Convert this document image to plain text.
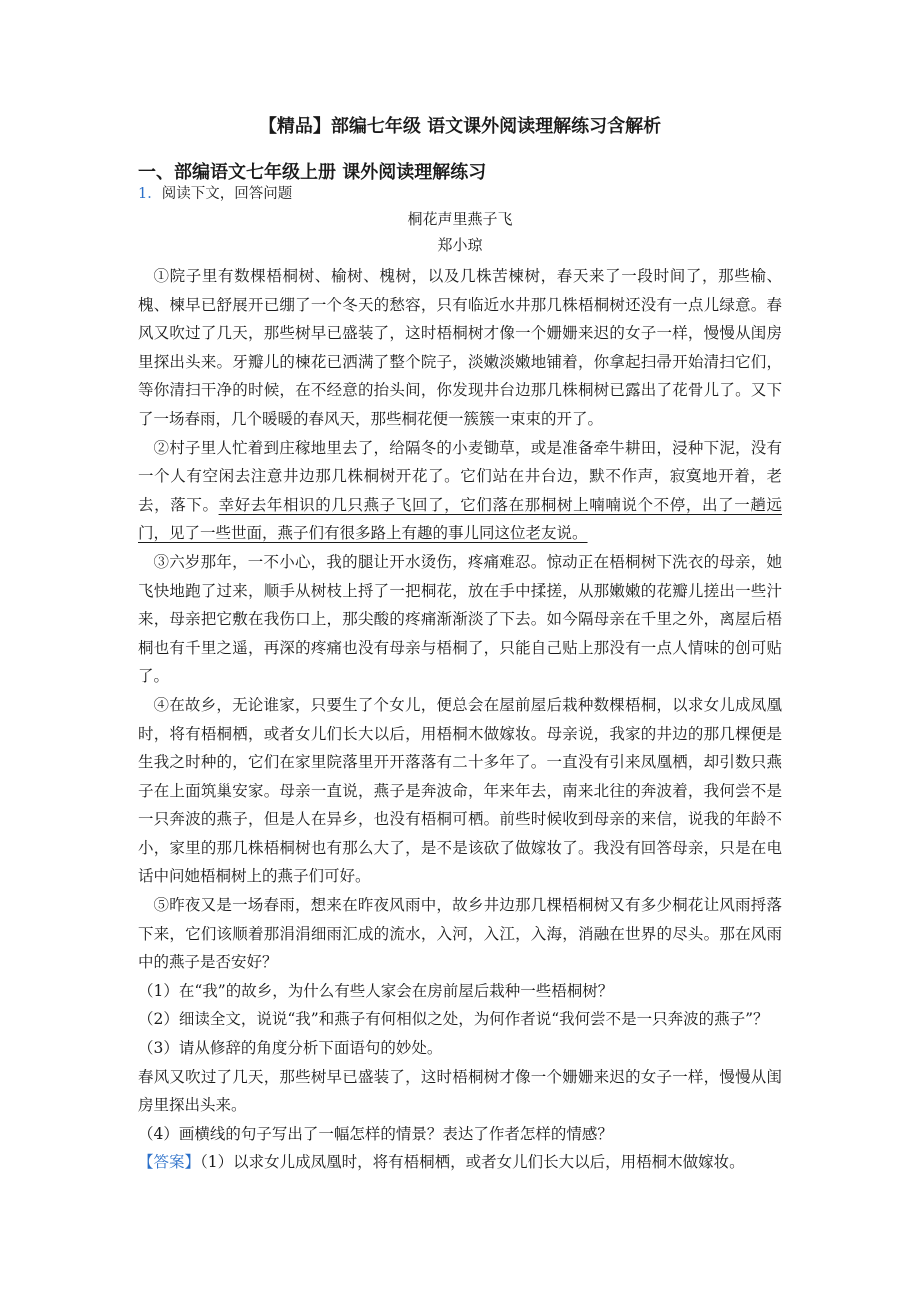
【精品】部编七年级 语文课外阅读理解练习含解析
一、部编语文七年级上册 课外阅读理解练习
1．阅读下文，回答问题
桐花声里燕子飞
郑小琼

①院子里有数棵梧桐树、榆树、槐树，以及几株苦楝树，春天来了一段时间了，那些榆、槐、楝早已舒展开已绷了一个冬天的愁容，只有临近水井那几株梧桐树还没有一点儿绿意。春风又吹过了几天，那些树早已盛装了，这时梧桐树才像一个姗姗来迟的女子一样，慢慢从闺房里探出头来。牙瓣儿的楝花已洒满了整个院子，淡嫩淡嫩地铺着，你拿起扫帚开始清扫它们，等你清扫干净的时候，在不经意的抬头间，你发现井台边那几株桐树已露出了花骨儿了。又下了一场春雨，几个暖暖的春风天，那些桐花便一簇簇一束束的开了。

②村子里人忙着到庄稼地里去了，给隔冬的小麦锄草，或是准备牵牛耕田，浸种下泥，没有一个人有空闲去注意井边那几株桐树开花了。它们站在井台边，默不作声，寂寞地开着，老去，落下。幸好去年相识的几只燕子飞回了，它们落在那桐树上喃喃说个不停，出了一趟远门，见了一些世面，燕子们有很多路上有趣的事儿同这位老友说。

③六岁那年，一不小心，我的腿让开水烫伤，疼痛难忍。惊动正在梧桐树下洗衣的母亲，她飞快地跑了过来，顺手从树枝上捋了一把桐花，放在手中揉搓，从那嫩嫩的花瓣儿搓出一些汁来，母亲把它敷在我伤口上，那尖酸的疼痛渐渐淡了下去。如今隔母亲在千里之外，离屋后梧桐也有千里之遥，再深的疼痛也没有母亲与梧桐了，只能自己贴上那没有一点人情味的创可贴了。

④在故乡，无论谁家，只要生了个女儿，便总会在屋前屋后栽种数棵梧桐，以求女儿成凤凰时，将有梧桐栖，或者女儿们长大以后，用梧桐木做嫁妆。母亲说，我家的井边的那几棵便是生我之时种的，它们在家里院落里开开落落有二十多年了。一直没有引来凤凰栖，却引数只燕子在上面筑巢安家。母亲一直说，燕子是奔波命，年来年去，南来北往的奔波着，我何尝不是一只奔波的燕子，但是人在异乡，也没有梧桐可栖。前些时候收到母亲的来信，说我的年龄不小，家里的那几株梧桐树也有那么大了，是不是该砍了做嫁妆了。我没有回答母亲，只是在电话中问她梧桐树上的燕子们可好。

⑤昨夜又是一场春雨，想来在昨夜风雨中，故乡井边那几棵梧桐树又有多少桐花让风雨捋落下来，它们该顺着那涓涓细雨汇成的流水，入河，入江，入海，消融在世界的尽头。那在风雨中的燕子是否安好？

（1）在“我”的故乡，为什么有些人家会在房前屋后栽种一些梧桐树？

（2）细读全文，说说“我”和燕子有何相似之处，为何作者说“我何尝不是一只奔波的燕子”？

（3）请从修辞的角度分析下面语句的妙处。

春风又吹过了几天，那些树早已盛装了，这时梧桐树才像一个姗姗来迟的女子一样，慢慢从闺房里探出头来。

（4）画横线的句子写出了一幅怎样的情景？表达了作者怎样的情感？

【答案】（1）以求女儿成凤凰时，将有梧桐栖，或者女儿们长大以后，用梧桐木做嫁妆。
